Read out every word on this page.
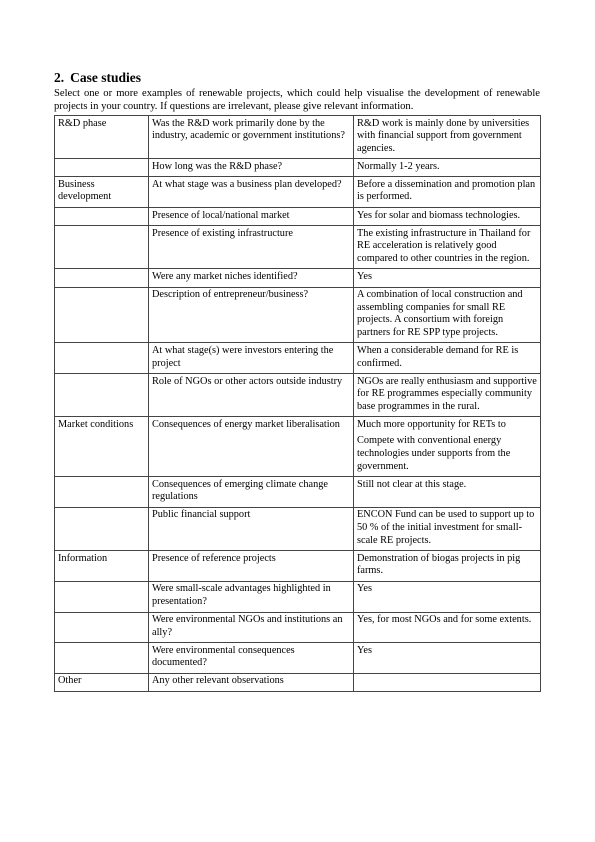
2. Case studies

Select one or more examples of renewable projects, which could help visualise the development of renewable projects in your country. If questions are irrelevant, please give relevant information.

R&D phase	Was the R&D work primarily done by the industry, academic or government institutions?	R&D work is mainly done by universities with financial support from government agencies.

	How long was the R&D phase?	Normally 1-2 years.

Business development	At what stage was a business plan developed?	Before a dissemination and promotion plan is performed.

	Presence of local/national market	Yes for solar and biomass technologies.

	Presence of existing infrastructure	The existing infrastructure in Thailand for RE acceleration is relatively good compared to other countries in the region.

	Were any market niches identified?	Yes

	Description of entrepreneur/business?	A combination of local construction and assembling companies for small RE projects. A consortium with foreign partners for RE SPP type projects.

	At what stage(s) were investors entering the project	When a considerable demand for RE is confirmed.

	Role of NGOs or other actors outside industry	NGOs are really enthusiasm and supportive for RE programmes especially community base programmes in the rural.

Market conditions	Consequences of energy market liberalisation	Much more opportunity for RETs to

Compete with conventional energy technologies under supports from the government.

	Consequences of emerging climate change regulations	Still not clear at this stage.

	Public financial support	ENCON Fund can be used to support up to 50 % of the initial investment for small-scale RE projects.

Information	Presence of reference projects	Demonstration of biogas projects in pig farms.

	Were small-scale advantages highlighted in presentation?	Yes

	Were environmental NGOs and institutions an ally?	Yes, for most NGOs and for some extents.

	Were environmental consequences documented?	Yes

Other	Any other relevant observations	
